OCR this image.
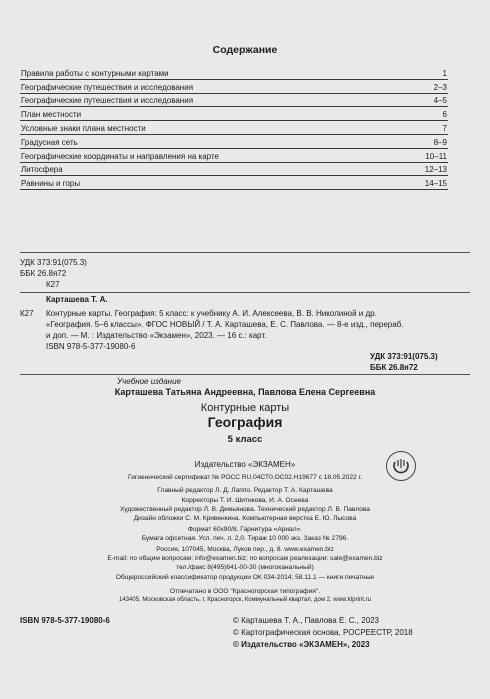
Содержание
Правила работы с контурными картами	1
Географические путешествия и исследования	2–3
Географические путешествия и исследования	4–5
План местности	6
Условные знаки плана местности	7
Градусная сеть	8–9
Географические координаты и направления на карте	10–11
Литосфера	12–13
Равнины и горы	14–15
УДК 373:91(075.3)
ББК 26.8я72
К27
Карташева Т. А.
К27 Контурные карты. География: 5 класс: к учебнику А. И. Алексеева, В. В. Николиной и др.
«География. 5–6 классы». ФГОС НОВЫЙ / Т. А. Карташева, Е. С. Павлова. — 8-е изд., перераб.
и доп. — М. : Издательство «Экзамен», 2023. — 16 с.: карт.
ISBN 978-5-377-19080-6
УДК 373:91(075.3)
ББК 26.8я72
Учебное издание
Карташева Татьяна Андреевна, Павлова Елена Сергеевна
Контурные карты
География
5 класс
Издательство «ЭКЗАМЕН»
Гигиенический сертификат № РОСС RU.04СТ0.ОС02.Н19677 с 18.05.2022 г.
Главный редактор Л. Д. Лаппо. Редактор Т. А. Карташева
Корректоры Т. И. Шитикова, И. А. Осеева
Художественный редактор Л. В. Демьянова. Технический редактор Л. В. Павлова
Дизайн обложки С. М. Кривенкина. Компьютерная верстка Е. Ю. Лысова
Формат 60х90/8. Гарнитура «Ариал».
Бумага офсетная. Усл. печ. л. 2,0. Тираж 10 000 экз. Заказ № 2796.
Россия, 107045, Москва, Луков пер., д. 8. www.examen.biz
E-mail: по общим вопросам: info@examen.biz; по вопросам реализации: sale@examen.biz
тел./факс 8(495)641-00-30 (многоканальный)
Общероссийский классификатор продукции ОК 034-2014; 58.11.1 — книги печатные
Отпечатано в ООО "Красногорская типография".
143405, Московская область, г. Красногорск, Коммунальный квартал, дом 2. www.ktprint.ru
ISBN 978-5-377-19080-6	© Карташева Т. А., Павлова Е. С., 2023
© Картографическая основа, РОСРЕЕСТР, 2018
© Издательство «ЭКЗАМЕН», 2023
